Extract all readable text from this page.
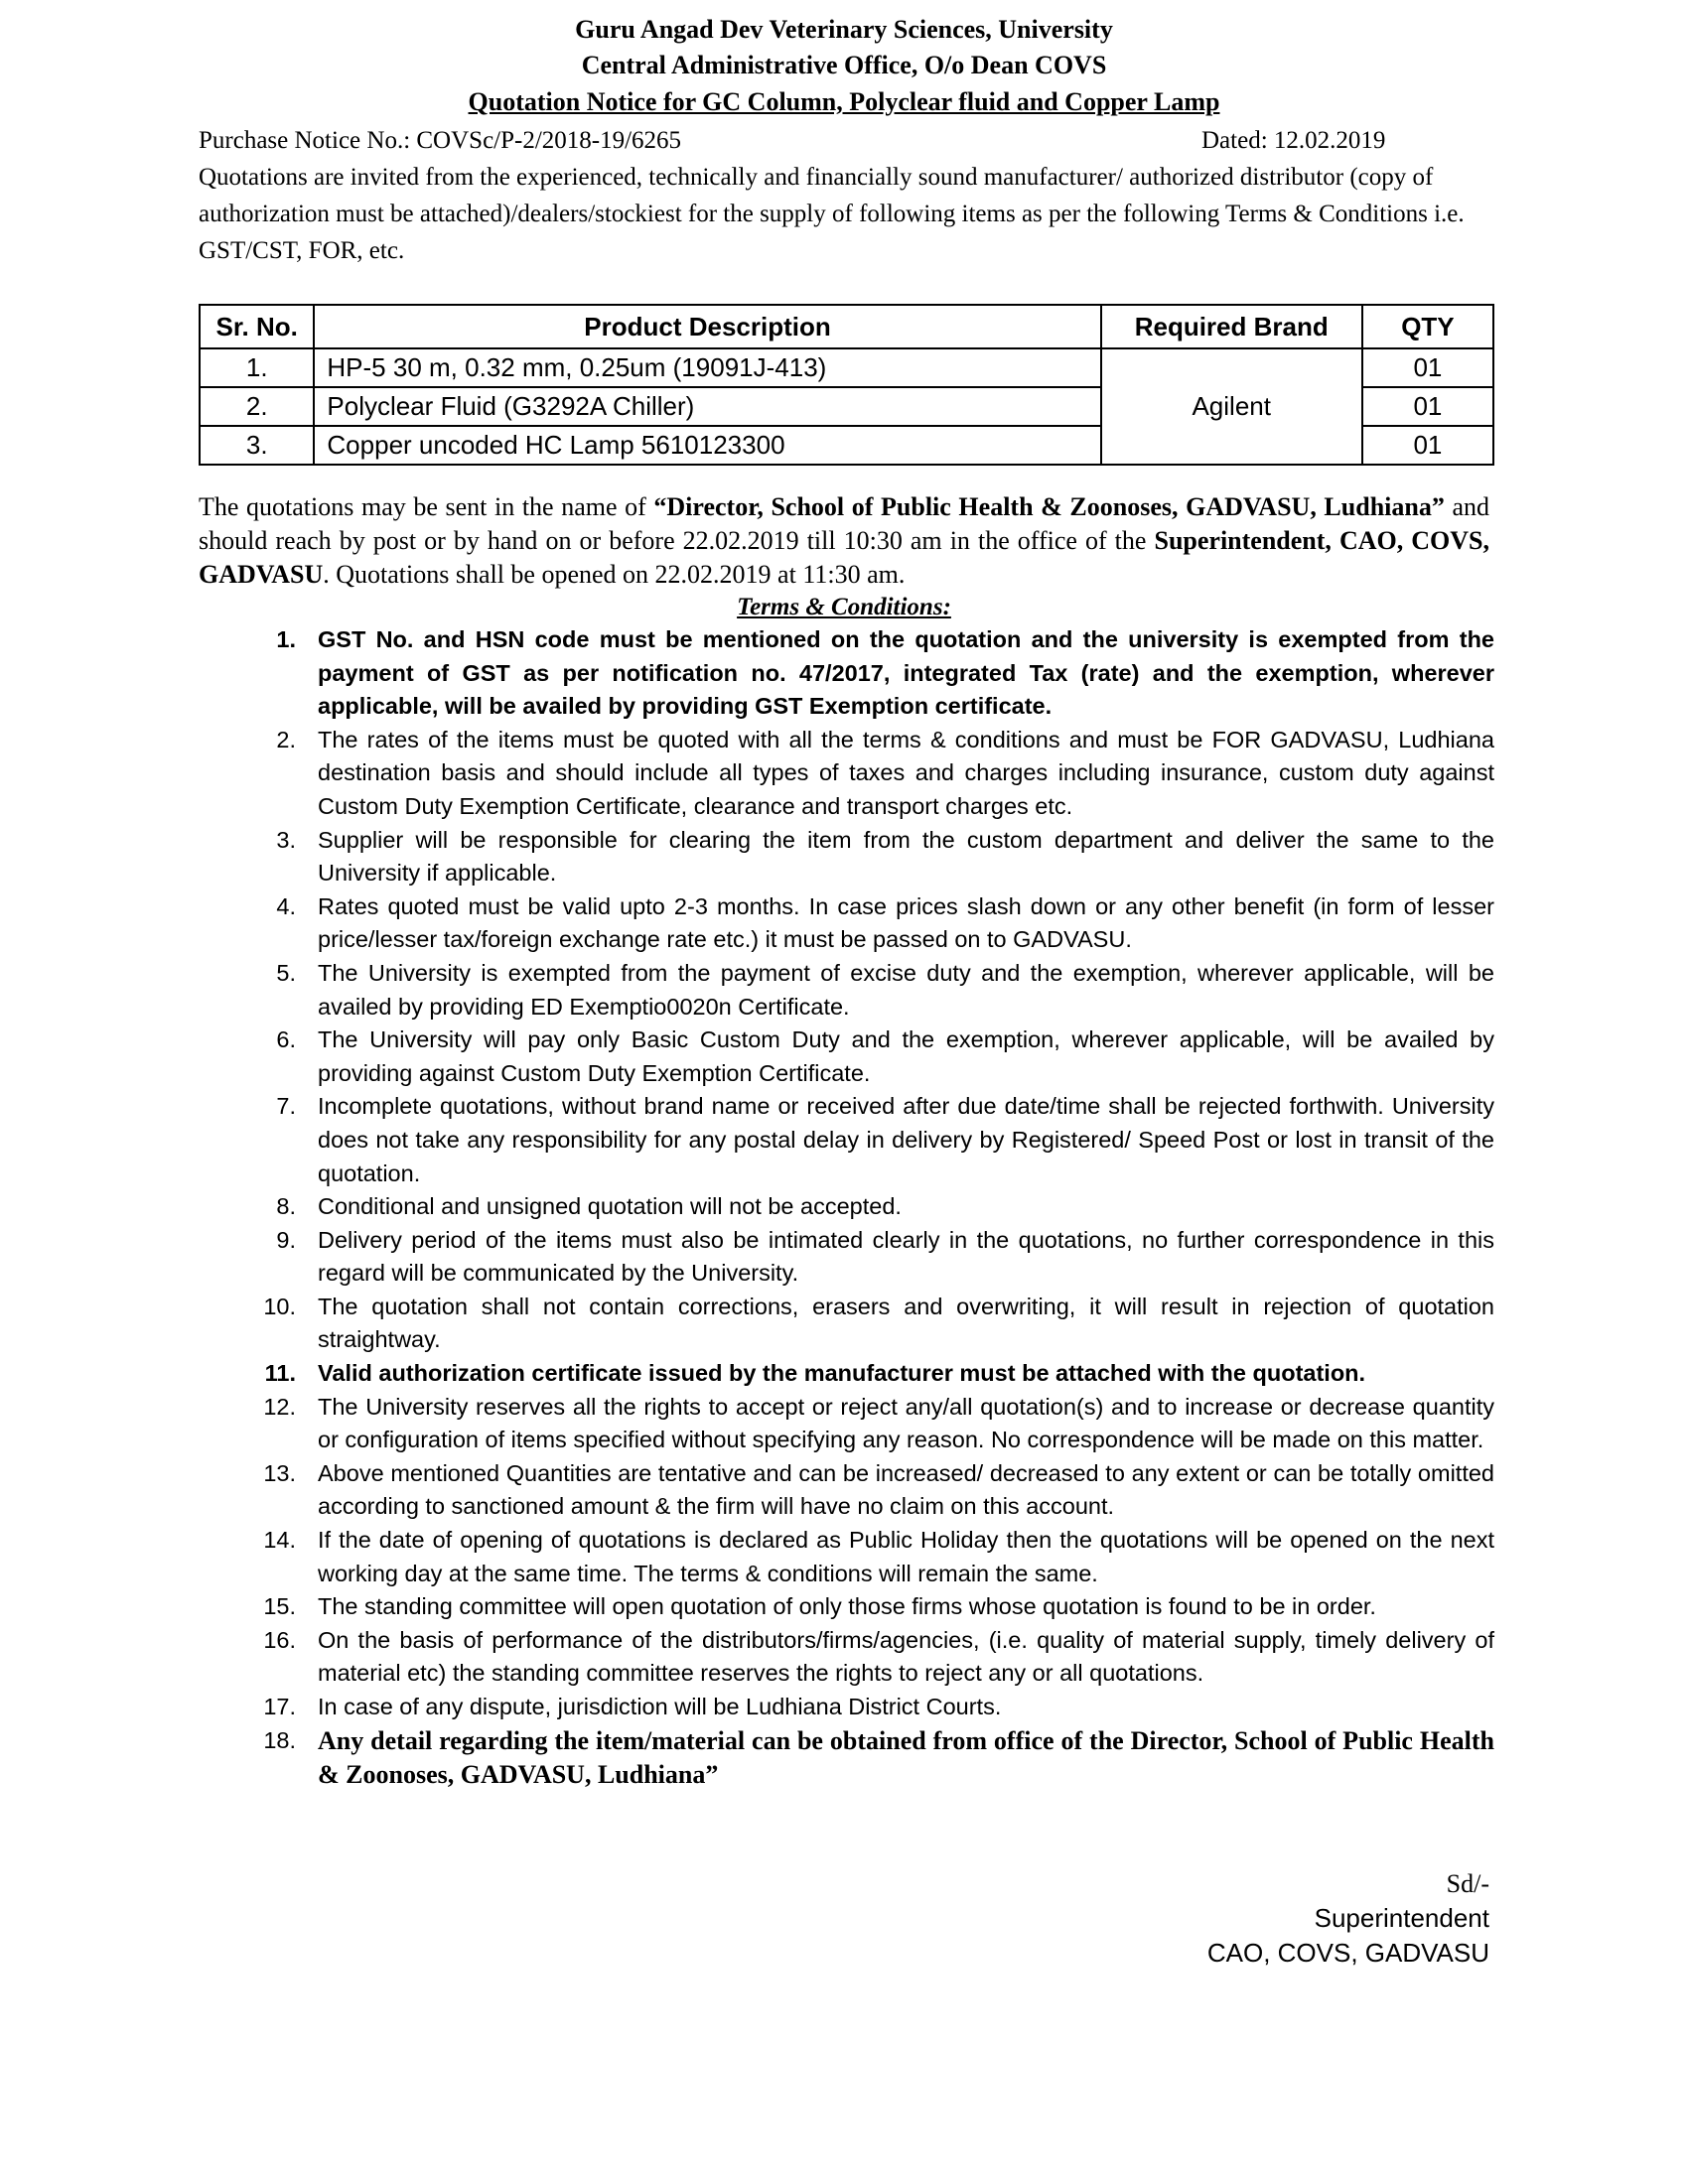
Guru Angad Dev Veterinary Sciences, University
Central Administrative Office, O/o Dean COVS
Quotation Notice for GC Column, Polyclear fluid and Copper Lamp
Purchase Notice No.: COVSc/P-2/2018-19/6265	Dated: 12.02.2019
Quotations are invited from the experienced, technically and financially sound manufacturer/ authorized distributor (copy of authorization must be attached)/dealers/stockiest for the supply of following items as per the following Terms & Conditions i.e. GST/CST, FOR, etc.
Sr. No.	Product Description	Required Brand	QTY
1.	HP-5 30 m, 0.32 mm, 0.25um (19091J-413)	Agilent	01
2.	Polyclear Fluid (G3292A Chiller)		01
3.	Copper uncoded HC Lamp 5610123300		01
The quotations may be sent in the name of “Director, School of Public Health & Zoonoses, GADVASU, Ludhiana” and should reach by post or by hand on or before 22.02.2019 till 10:30 am in the office of the Superintendent, CAO, COVS, GADVASU. Quotations shall be opened on 22.02.2019 at 11:30 am.
Terms & Conditions:
1. GST No. and HSN code must be mentioned on the quotation and the university is exempted from the payment of GST as per notification no. 47/2017, integrated Tax (rate) and the exemption, wherever applicable, will be availed by providing GST Exemption certificate.
2. The rates of the items must be quoted with all the terms & conditions and must be FOR GADVASU, Ludhiana destination basis and should include all types of taxes and charges including insurance, custom duty against Custom Duty Exemption Certificate, clearance and transport charges etc.
3. Supplier will be responsible for clearing the item from the custom department and deliver the same to the University if applicable.
4. Rates quoted must be valid upto 2-3 months. In case prices slash down or any other benefit (in form of lesser price/lesser tax/foreign exchange rate etc.) it must be passed on to GADVASU.
5. The University is exempted from the payment of excise duty and the exemption, wherever applicable, will be availed by providing ED Exemptio0020n Certificate.
6. The University will pay only Basic Custom Duty and the exemption, wherever applicable, will be availed by providing against Custom Duty Exemption Certificate.
7. Incomplete quotations, without brand name or received after due date/time shall be rejected forthwith. University does not take any responsibility for any postal delay in delivery by Registered/ Speed Post or lost in transit of the quotation.
8. Conditional and unsigned quotation will not be accepted.
9. Delivery period of the items must also be intimated clearly in the quotations, no further correspondence in this regard will be communicated by the University.
10. The quotation shall not contain corrections, erasers and overwriting, it will result in rejection of quotation straightway.
11. Valid authorization certificate issued by the manufacturer must be attached with the quotation.
12. The University reserves all the rights to accept or reject any/all quotation(s) and to increase or decrease quantity or configuration of items specified without specifying any reason. No correspondence will be made on this matter.
13. Above mentioned Quantities are tentative and can be increased/ decreased to any extent or can be totally omitted according to sanctioned amount & the firm will have no claim on this account.
14. If the date of opening of quotations is declared as Public Holiday then the quotations will be opened on the next working day at the same time. The terms & conditions will remain the same.
15. The standing committee will open quotation of only those firms whose quotation is found to be in order.
16. On the basis of performance of the distributors/firms/agencies, (i.e. quality of material supply, timely delivery of material etc) the standing committee reserves the rights to reject any or all quotations.
17. In case of any dispute, jurisdiction will be Ludhiana District Courts.
18. Any detail regarding the item/material can be obtained from office of the Director, School of Public Health & Zoonoses, GADVASU, Ludhiana”
Sd/-
Superintendent
CAO, COVS, GADVASU
